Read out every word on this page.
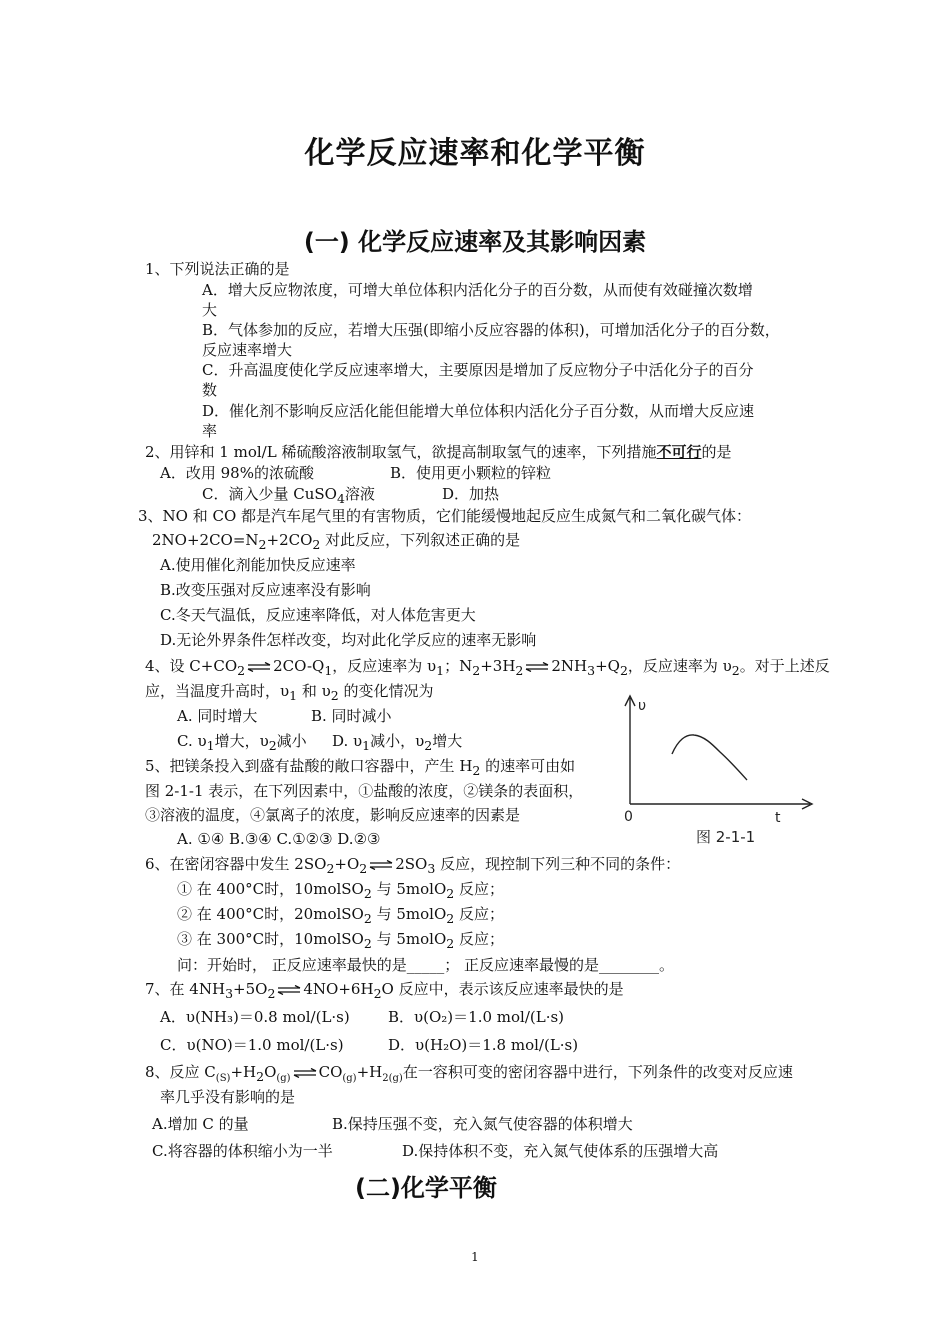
化学反应速率和化学平衡
(一) 化学反应速率及其影响因素
1、下列说法正确的是
A．增大反应物浓度，可增大单位体积内活化分子的百分数，从而使有效碰撞次数增
大
B．气体参加的反应，若增大压强(即缩小反应容器的体积)，可增加活化分子的百分数，
反应速率增大
C．升高温度使化学反应速率增大，主要原因是增加了反应物分子中活化分子的百分
数
D．催化剂不影响反应活化能但能增大单位体积内活化分子百分数，从而增大反应速
率
2、用锌和 1 mol/L 稀硫酸溶液制取氢气，欲提高制取氢气的速率，下列措施不可行的是
A．改用 98%的浓硫酸	B．使用更小颗粒的锌粒
C．滴入少量 CuSO$_4$溶液	D．加热
3、NO 和 CO 都是汽车尾气里的有害物质，它们能缓慢地起反应生成氮气和二氧化碳气体：
$2NO+2CO=N_2+2CO_2$ 对此反应，下列叙述正确的是
A.使用催化剂能加快反应速率
B.改变压强对反应速率没有影响
C.冬天气温低，反应速率降低，对人体危害更大
D.无论外界条件怎样改变，均对此化学反应的速率无影响
4、设 $C+CO_2$ ⇌ $2CO-Q_1$，反应速率为 $\upsilon_1$；$N_2+3H_2$ ⇌ $2NH_3+Q_2$，反应速率为 $\upsilon_2$。对于上述反
应，当温度升高时，$\upsilon_1$ 和 $\upsilon_2$ 的变化情况为
A. 同时增大	B. 同时减小
C. $\upsilon_1$增大，$\upsilon_2$减小 D. $\upsilon_1$减小，$\upsilon_2$增大
5、把镁条投入到盛有盐酸的敞口容器中，产生 $H_2$ 的速率可由如
图 2-1-1 表示，在下列因素中，①盐酸的浓度，②镁条的表面积，
③溶液的温度，④氯离子的浓度，影响反应速率的因素是
A. ①④ B.③④ C.①②③ D.②③
υ
t
0
图 2-1-1
6、在密闭容器中发生 $2SO_2+O_2$ ⇌ $2SO_3$ 反应，现控制下列三种不同的条件：
① 在 400°C时，10molSO$_2$ 与 5molO$_2$ 反应；
② 在 400°C时，20molSO$_2$ 与 5molO$_2$ 反应；
③ 在 300°C时，10molSO$_2$ 与 5molO$_2$ 反应；
问：开始时， 正反应速率最快的是_____； 正反应速率最慢的是________。
7、在 $4NH_3+5O_2$ ⇌ $4NO+6H_2O$ 反应中，表示该反应速率最快的是
A．υ(NH₃)＝0.8 mol/(L·s)	B．υ(O₂)＝1.0 mol/(L·s)
C．υ(NO)＝1.0 mol/(L·s)	D．υ(H₂O)＝1.8 mol/(L·s)
8、反应 $C_{(S)}+H_2O_{(g)}$ ⇌ $CO_{(g)}+H_{2(g)}$在一容积可变的密闭容器中进行，下列条件的改变对反应速
率几乎没有影响的是
A.增加 C 的量	B.保持压强不变，充入氮气使容器的体积增大
C.将容器的体积缩小为一半	D.保持体积不变，充入氮气使体系的压强增大高
(二)化学平衡
1
